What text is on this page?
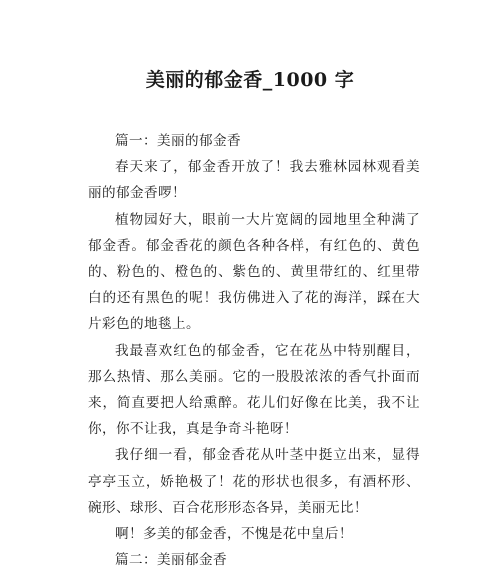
美丽的郁金香_1000 字

篇一：美丽的郁金香

春天来了，郁金香开放了！我去雅林园林观看美丽的郁金香啰！

植物园好大，眼前一大片宽阔的园地里全种满了郁金香。郁金香花的颜色各种各样，有红色的、黄色的、粉色的、橙色的、紫色的、黄里带红的、红里带白的还有黑色的呢！我仿佛进入了花的海洋，踩在大片彩色的地毯上。

我最喜欢红色的郁金香，它在花丛中特别醒目，那么热情、那么美丽。它的一股股浓浓的香气扑面而来，简直要把人给熏醉。花儿们好像在比美，我不让你，你不让我，真是争奇斗艳呀！

我仔细一看，郁金香花从叶茎中挺立出来，显得亭亭玉立，娇艳极了！花的形状也很多，有酒杯形、碗形、球形、百合花形形态各异，美丽无比！

啊！多美的郁金香，不愧是花中皇后！

篇二：美丽郁金香
